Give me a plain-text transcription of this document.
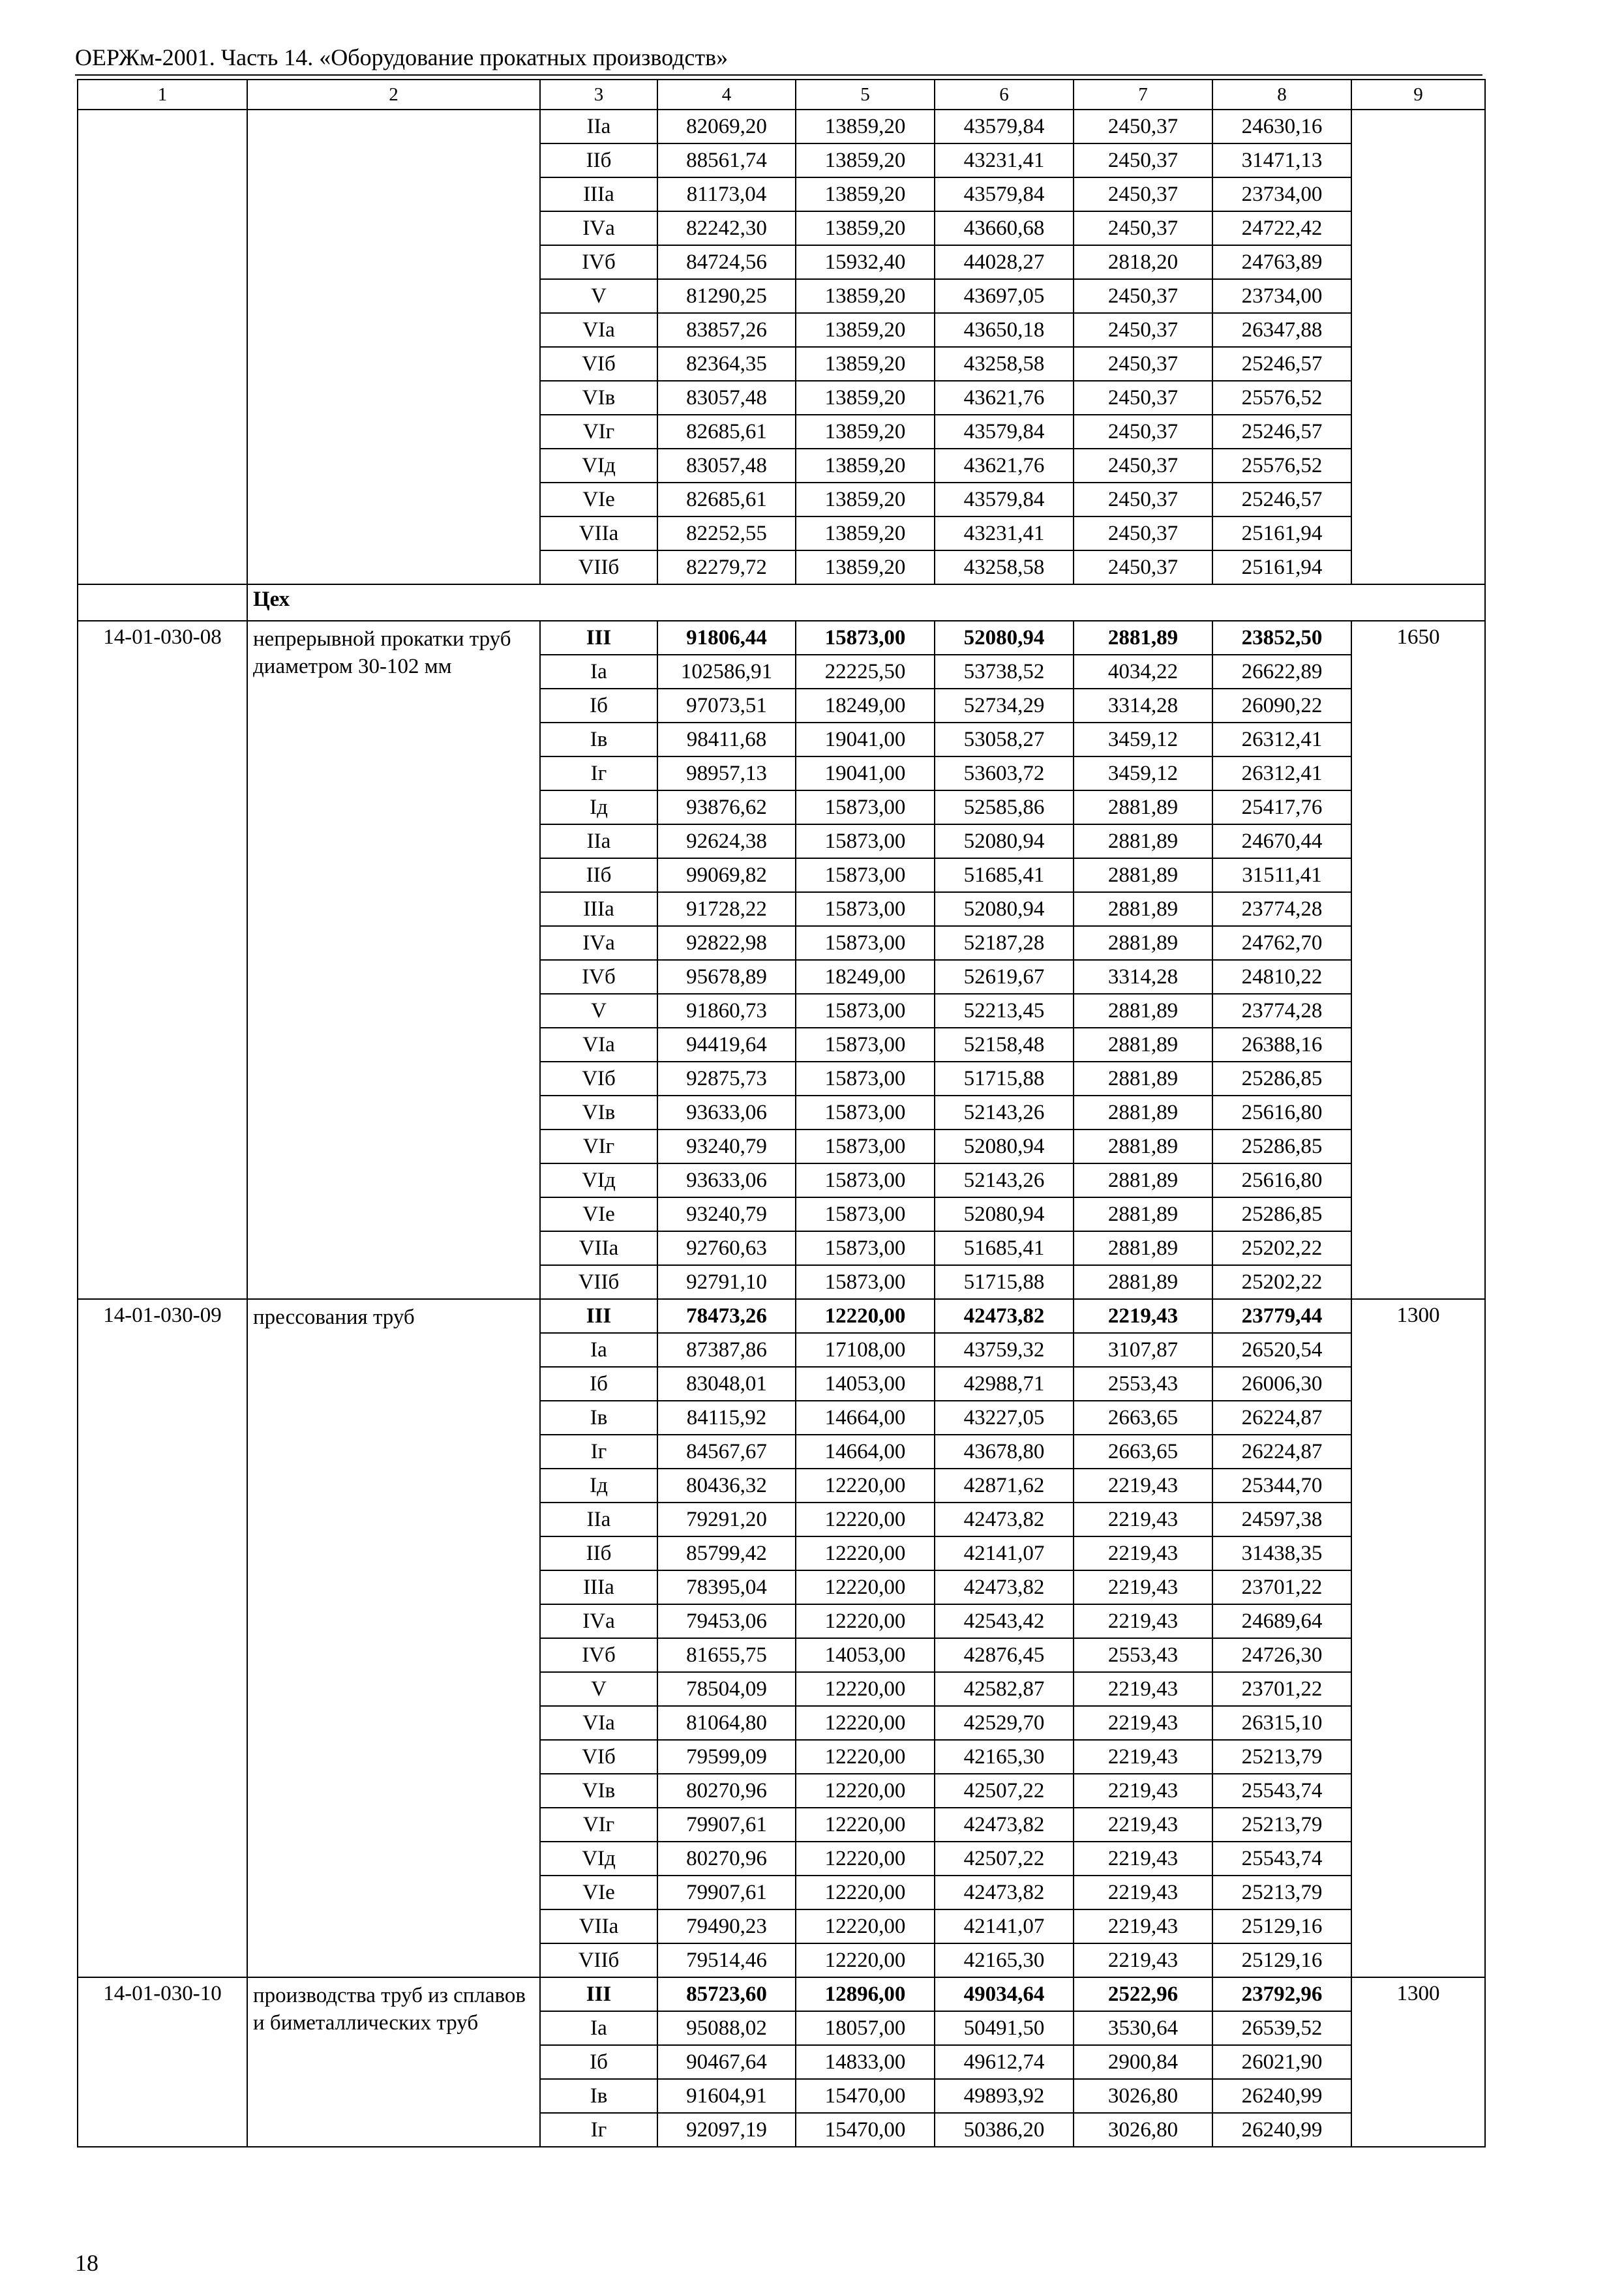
ОЕРЖм-2001. Часть 14. «Оборудование прокатных производств»
1	2	3	4	5	6	7	8	9
		IIа	82069,20	13859,20	43579,84	2450,37	24630,16	
		IIб	88561,74	13859,20	43231,41	2450,37	31471,13	
		IIIа	81173,04	13859,20	43579,84	2450,37	23734,00	
		IVа	82242,30	13859,20	43660,68	2450,37	24722,42	
		IVб	84724,56	15932,40	44028,27	2818,20	24763,89	
		V	81290,25	13859,20	43697,05	2450,37	23734,00	
		VIа	83857,26	13859,20	43650,18	2450,37	26347,88	
		VIб	82364,35	13859,20	43258,58	2450,37	25246,57	
		VIв	83057,48	13859,20	43621,76	2450,37	25576,52	
		VIг	82685,61	13859,20	43579,84	2450,37	25246,57	
		VIд	83057,48	13859,20	43621,76	2450,37	25576,52	
		VIе	82685,61	13859,20	43579,84	2450,37	25246,57	
		VIIа	82252,55	13859,20	43231,41	2450,37	25161,94	
		VIIб	82279,72	13859,20	43258,58	2450,37	25161,94	
	Цех							
14-01-030-08	непрерывной прокатки труб диаметром 30-102 мм	III	91806,44	15873,00	52080,94	2881,89	23852,50	1650
		Iа	102586,91	22225,50	53738,52	4034,22	26622,89	
		Iб	97073,51	18249,00	52734,29	3314,28	26090,22	
		Iв	98411,68	19041,00	53058,27	3459,12	26312,41	
		Iг	98957,13	19041,00	53603,72	3459,12	26312,41	
		Iд	93876,62	15873,00	52585,86	2881,89	25417,76	
		IIа	92624,38	15873,00	52080,94	2881,89	24670,44	
		IIб	99069,82	15873,00	51685,41	2881,89	31511,41	
		IIIа	91728,22	15873,00	52080,94	2881,89	23774,28	
		IVа	92822,98	15873,00	52187,28	2881,89	24762,70	
		IVб	95678,89	18249,00	52619,67	3314,28	24810,22	
		V	91860,73	15873,00	52213,45	2881,89	23774,28	
		VIа	94419,64	15873,00	52158,48	2881,89	26388,16	
		VIб	92875,73	15873,00	51715,88	2881,89	25286,85	
		VIв	93633,06	15873,00	52143,26	2881,89	25616,80	
		VIг	93240,79	15873,00	52080,94	2881,89	25286,85	
		VIд	93633,06	15873,00	52143,26	2881,89	25616,80	
		VIе	93240,79	15873,00	52080,94	2881,89	25286,85	
		VIIа	92760,63	15873,00	51685,41	2881,89	25202,22	
		VIIб	92791,10	15873,00	51715,88	2881,89	25202,22	
14-01-030-09	прессования труб	III	78473,26	12220,00	42473,82	2219,43	23779,44	1300
		Iа	87387,86	17108,00	43759,32	3107,87	26520,54	
		Iб	83048,01	14053,00	42988,71	2553,43	26006,30	
		Iв	84115,92	14664,00	43227,05	2663,65	26224,87	
		Iг	84567,67	14664,00	43678,80	2663,65	26224,87	
		Iд	80436,32	12220,00	42871,62	2219,43	25344,70	
		IIа	79291,20	12220,00	42473,82	2219,43	24597,38	
		IIб	85799,42	12220,00	42141,07	2219,43	31438,35	
		IIIа	78395,04	12220,00	42473,82	2219,43	23701,22	
		IVа	79453,06	12220,00	42543,42	2219,43	24689,64	
		IVб	81655,75	14053,00	42876,45	2553,43	24726,30	
		V	78504,09	12220,00	42582,87	2219,43	23701,22	
		VIа	81064,80	12220,00	42529,70	2219,43	26315,10	
		VIб	79599,09	12220,00	42165,30	2219,43	25213,79	
		VIв	80270,96	12220,00	42507,22	2219,43	25543,74	
		VIг	79907,61	12220,00	42473,82	2219,43	25213,79	
		VIд	80270,96	12220,00	42507,22	2219,43	25543,74	
		VIе	79907,61	12220,00	42473,82	2219,43	25213,79	
		VIIа	79490,23	12220,00	42141,07	2219,43	25129,16	
		VIIб	79514,46	12220,00	42165,30	2219,43	25129,16	
14-01-030-10	производства труб из сплавов и биметаллических труб	III	85723,60	12896,00	49034,64	2522,96	23792,96	1300
		Iа	95088,02	18057,00	50491,50	3530,64	26539,52	
		Iб	90467,64	14833,00	49612,74	2900,84	26021,90	
		Iв	91604,91	15470,00	49893,92	3026,80	26240,99	
		Iг	92097,19	15470,00	50386,20	3026,80	26240,99	
18
